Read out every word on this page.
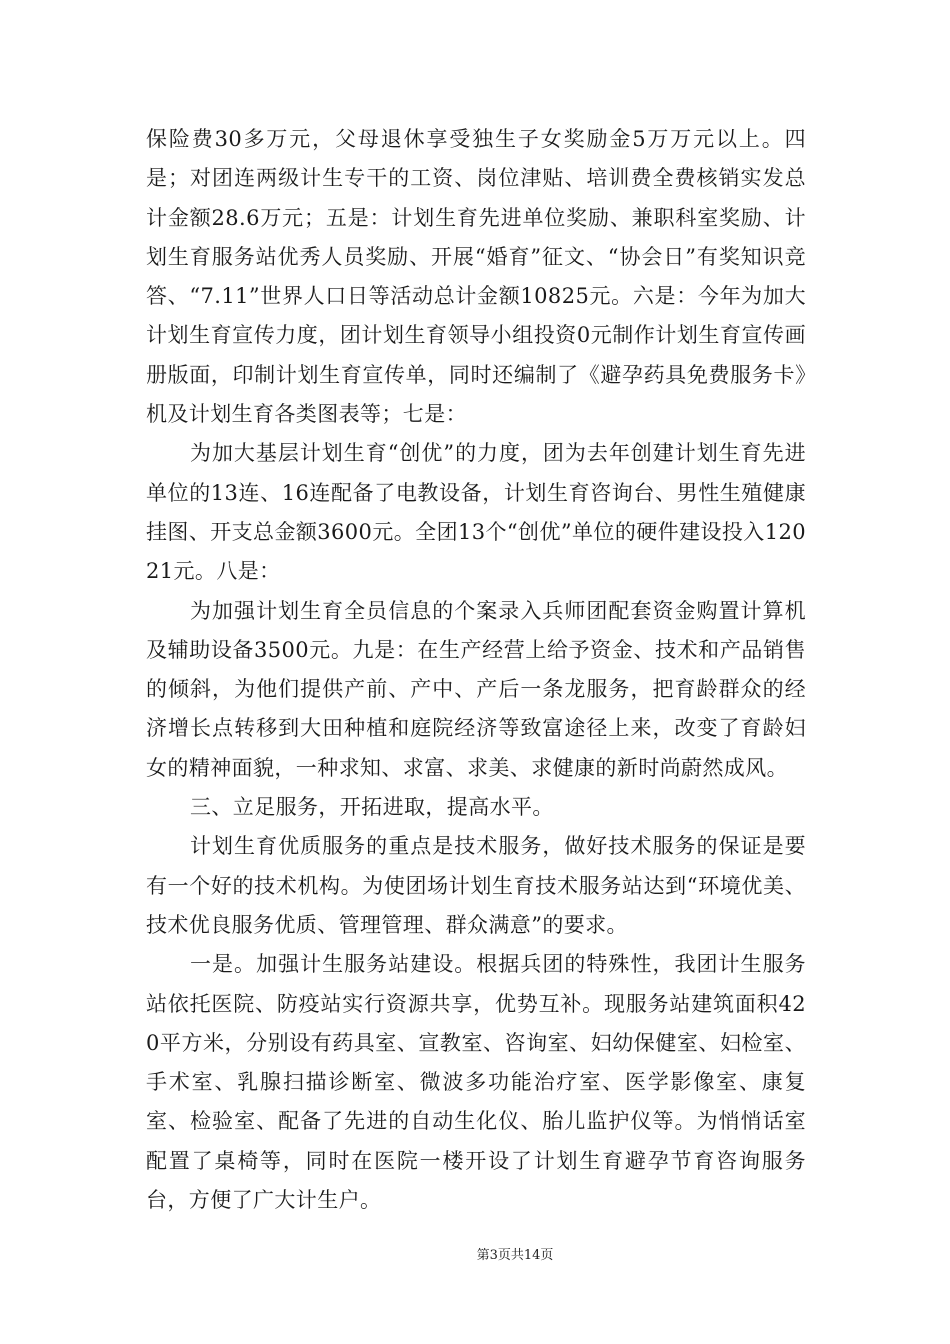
保险费30多万元，父母退休享受独生子女奖励金5万万元以上。四是；对团连两级计生专干的工资、岗位津贴、培训费全费核销实发总计金额28.6万元；五是：计划生育先进单位奖励、兼职科室奖励、计划生育服务站优秀人员奖励、开展“婚育”征文、“协会日”有奖知识竞答、“7.11”世界人口日等活动总计金额10825元。六是：今年为加大计划生育宣传力度，团计划生育领导小组投资0元制作计划生育宣传画册版面，印制计划生育宣传单，同时还编制了《避孕药具免费服务卡》机及计划生育各类图表等；七是：

为加大基层计划生育“创优”的力度，团为去年创建计划生育先进单位的13连、16连配备了电教设备，计划生育咨询台、男性生殖健康挂图、开支总金额3600元。全团13个“创优”单位的硬件建设投入12021元。八是：

为加强计划生育全员信息的个案录入兵师团配套资金购置计算机及辅助设备3500元。九是：在生产经营上给予资金、技术和产品销售的倾斜，为他们提供产前、产中、产后一条龙服务，把育龄群众的经济增长点转移到大田种植和庭院经济等致富途径上来，改变了育龄妇女的精神面貌，一种求知、求富、求美、求健康的新时尚蔚然成风。

三、立足服务，开拓进取，提高水平。

计划生育优质服务的重点是技术服务，做好技术服务的保证是要有一个好的技术机构。为使团场计划生育技术服务站达到“环境优美、技术优良服务优质、管理管理、群众满意”的要求。

一是。加强计生服务站建设。根据兵团的特殊性，我团计生服务站依托医院、防疫站实行资源共享，优势互补。现服务站建筑面积420平方米，分别设有药具室、宣教室、咨询室、妇幼保健室、妇检室、手术室、乳腺扫描诊断室、微波多功能治疗室、医学影像室、康复室、检验室、配备了先进的自动生化仪、胎儿监护仪等。为悄悄话室配置了桌椅等，同时在医院一楼开设了计划生育避孕节育咨询服务台，方便了广大计生户。

第3页共14页
